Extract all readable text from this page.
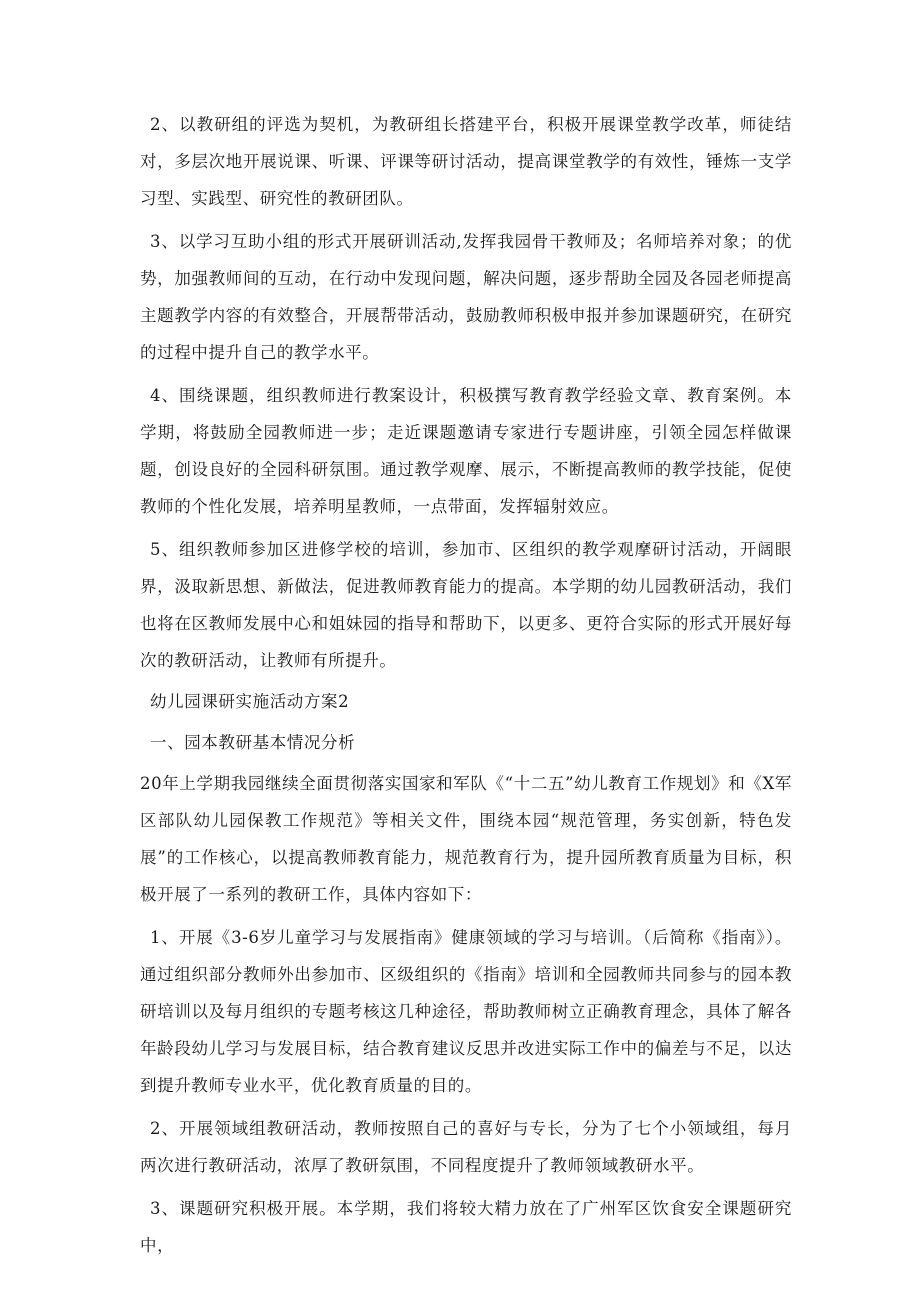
2、以教研组的评选为契机，为教研组长搭建平台，积极开展课堂教学改革，师徒结对，多层次地开展说课、听课、评课等研讨活动，提高课堂教学的有效性，锤炼一支学习型、实践型、研究性的教研团队。

3、以学习互助小组的形式开展研训活动,发挥我园骨干教师及；名师培养对象；的优势，加强教师间的互动，在行动中发现问题，解决问题，逐步帮助全园及各园老师提高主题教学内容的有效整合，开展帮带活动，鼓励教师积极申报并参加课题研究，在研究的过程中提升自己的教学水平。

4、围绕课题，组织教师进行教案设计，积极撰写教育教学经验文章、教育案例。本学期，将鼓励全园教师进一步；走近课题邀请专家进行专题讲座，引领全园怎样做课题，创设良好的全园科研氛围。通过教学观摩、展示，不断提高教师的教学技能，促使教师的个性化发展，培养明星教师，一点带面，发挥辐射效应。

5、组织教师参加区进修学校的培训，参加市、区组织的教学观摩研讨活动，开阔眼界，汲取新思想、新做法，促进教师教育能力的提高。本学期的幼儿园教研活动，我们也将在区教师发展中心和姐妹园的指导和帮助下，以更多、更符合实际的形式开展好每次的教研活动，让教师有所提升。

幼儿园课研实施活动方案2

一、园本教研基本情况分析

20年上学期我园继续全面贯彻落实国家和军队《“十二五”幼儿教育工作规划》和《X军区部队幼儿园保教工作规范》等相关文件，围绕本园“规范管理，务实创新，特色发展”的工作核心，以提高教师教育能力，规范教育行为，提升园所教育质量为目标，积极开展了一系列的教研工作，具体内容如下：

1、开展《3-6岁儿童学习与发展指南》健康领域的学习与培训。（后简称《指南》）。通过组织部分教师外出参加市、区级组织的《指南》培训和全园教师共同参与的园本教研培训以及每月组织的专题考核这几种途径，帮助教师树立正确教育理念，具体了解各年龄段幼儿学习与发展目标，结合教育建议反思并改进实际工作中的偏差与不足，以达到提升教师专业水平，优化教育质量的目的。

2、开展领域组教研活动，教师按照自己的喜好与专长，分为了七个小领域组，每月两次进行教研活动，浓厚了教研氛围，不同程度提升了教师领域教研水平。

3、课题研究积极开展。本学期，我们将较大精力放在了广州军区饮食安全课题研究中，
